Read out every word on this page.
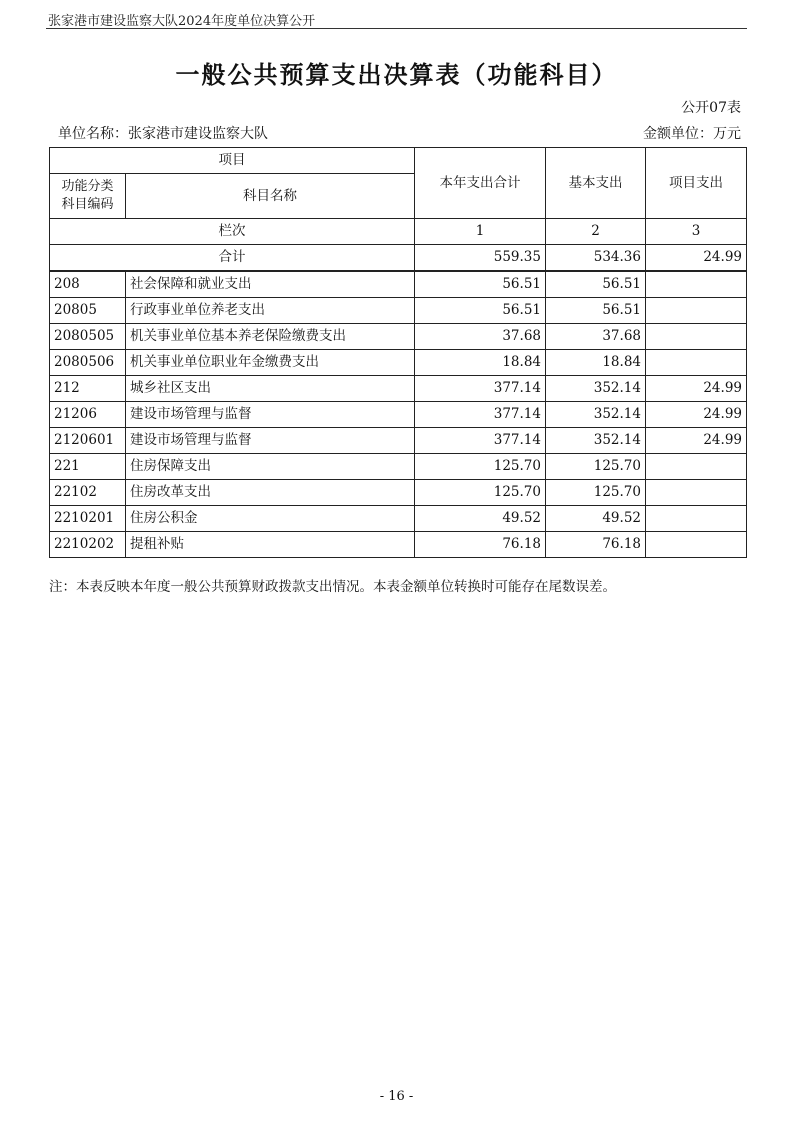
张家港市建设监察大队2024年度单位决算公开
一般公共预算支出决算表（功能科目）
公开07表
单位名称：张家港市建设监察大队	金额单位：万元
项目		本年支出合计	基本支出	项目支出

功能分类
科目编码	科目名称			
栏次		1	2	3
合计		559.35	534.36	24.99
208	社会保障和就业支出	56.51	56.51	
20805	行政事业单位养老支出	56.51	56.51	
2080505	机关事业单位基本养老保险缴费支出	37.68	37.68	
2080506	机关事业单位职业年金缴费支出	18.84	18.84	
212	城乡社区支出	377.14	352.14	24.99
21206	建设市场管理与监督	377.14	352.14	24.99
2120601	建设市场管理与监督	377.14	352.14	24.99
221	住房保障支出	125.70	125.70	
22102	住房改革支出	125.70	125.70	
2210201	住房公积金	49.52	49.52	
2210202	提租补贴	76.18	76.18	
注：本表反映本年度一般公共预算财政拨款支出情况。本表金额单位转换时可能存在尾数误差。
- 16 -
